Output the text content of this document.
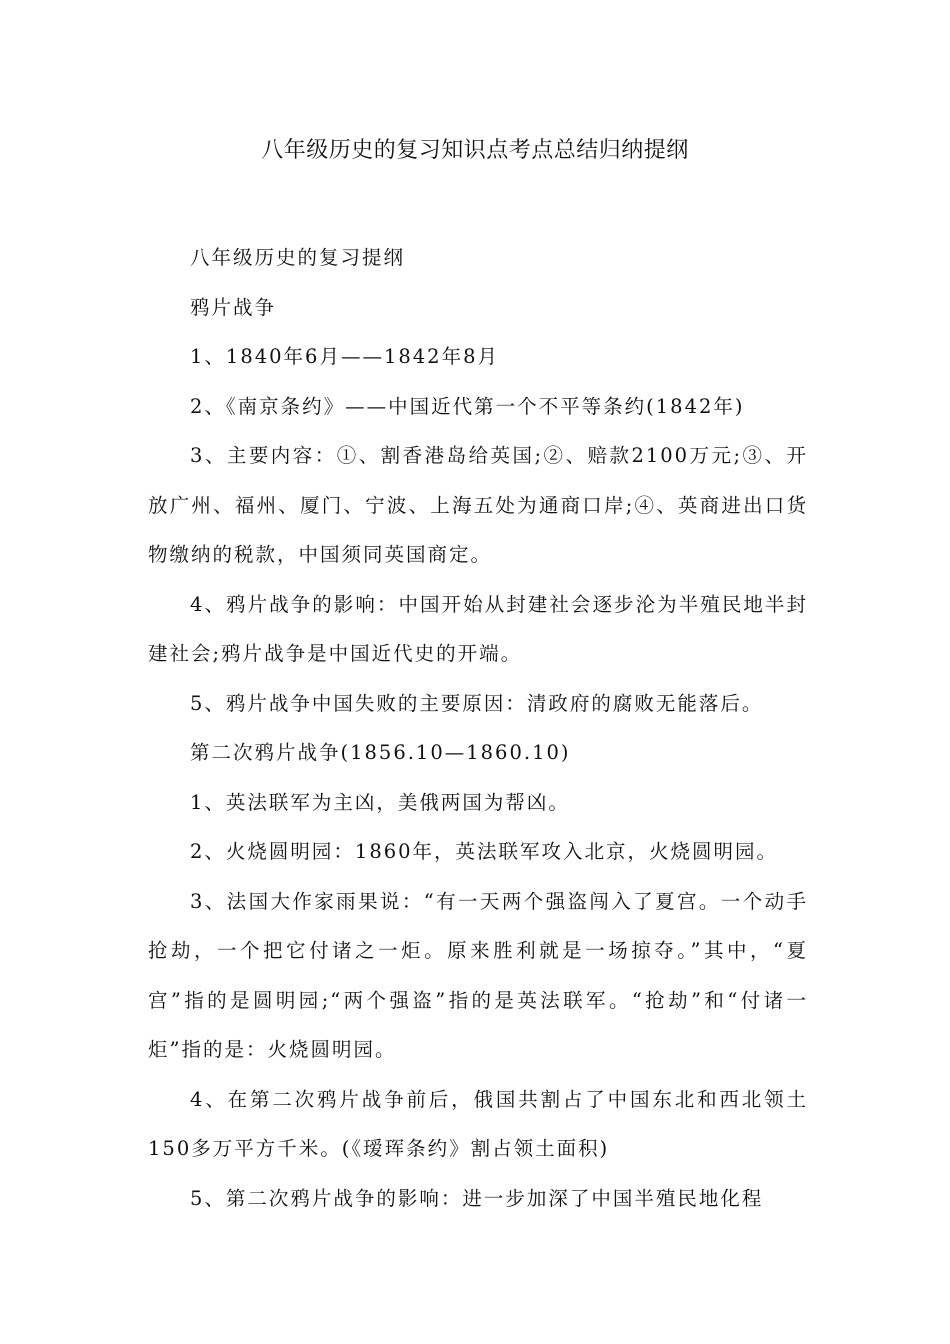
八年级历史的复习知识点考点总结归纳提纲

八年级历史的复习提纲

鸦片战争

1、1840年6月——1842年8月

2、《南京条约》——中国近代第一个不平等条约(1842年)

3、主要内容：①、割香港岛给英国;②、赔款2100万元;③、开放广州、福州、厦门、宁波、上海五处为通商口岸;④、英商进出口货物缴纳的税款，中国须同英国商定。

4、鸦片战争的影响：中国开始从封建社会逐步沦为半殖民地半封建社会;鸦片战争是中国近代史的开端。

5、鸦片战争中国失败的主要原因：清政府的腐败无能落后。

第二次鸦片战争(1856.10—1860.10)

1、英法联军为主凶，美俄两国为帮凶。

2、火烧圆明园：1860年，英法联军攻入北京，火烧圆明园。

3、法国大作家雨果说：“有一天两个强盗闯入了夏宫。一个动手抢劫，一个把它付诸之一炬。原来胜利就是一场掠夺。”其中，“夏宫”指的是圆明园;“两个强盗”指的是英法联军。“抢劫”和“付诸一炬”指的是：火烧圆明园。

4、在第二次鸦片战争前后，俄国共割占了中国东北和西北领土150多万平方千米。(《瑷珲条约》割占领土面积)

5、第二次鸦片战争的影响：进一步加深了中国半殖民地化程
